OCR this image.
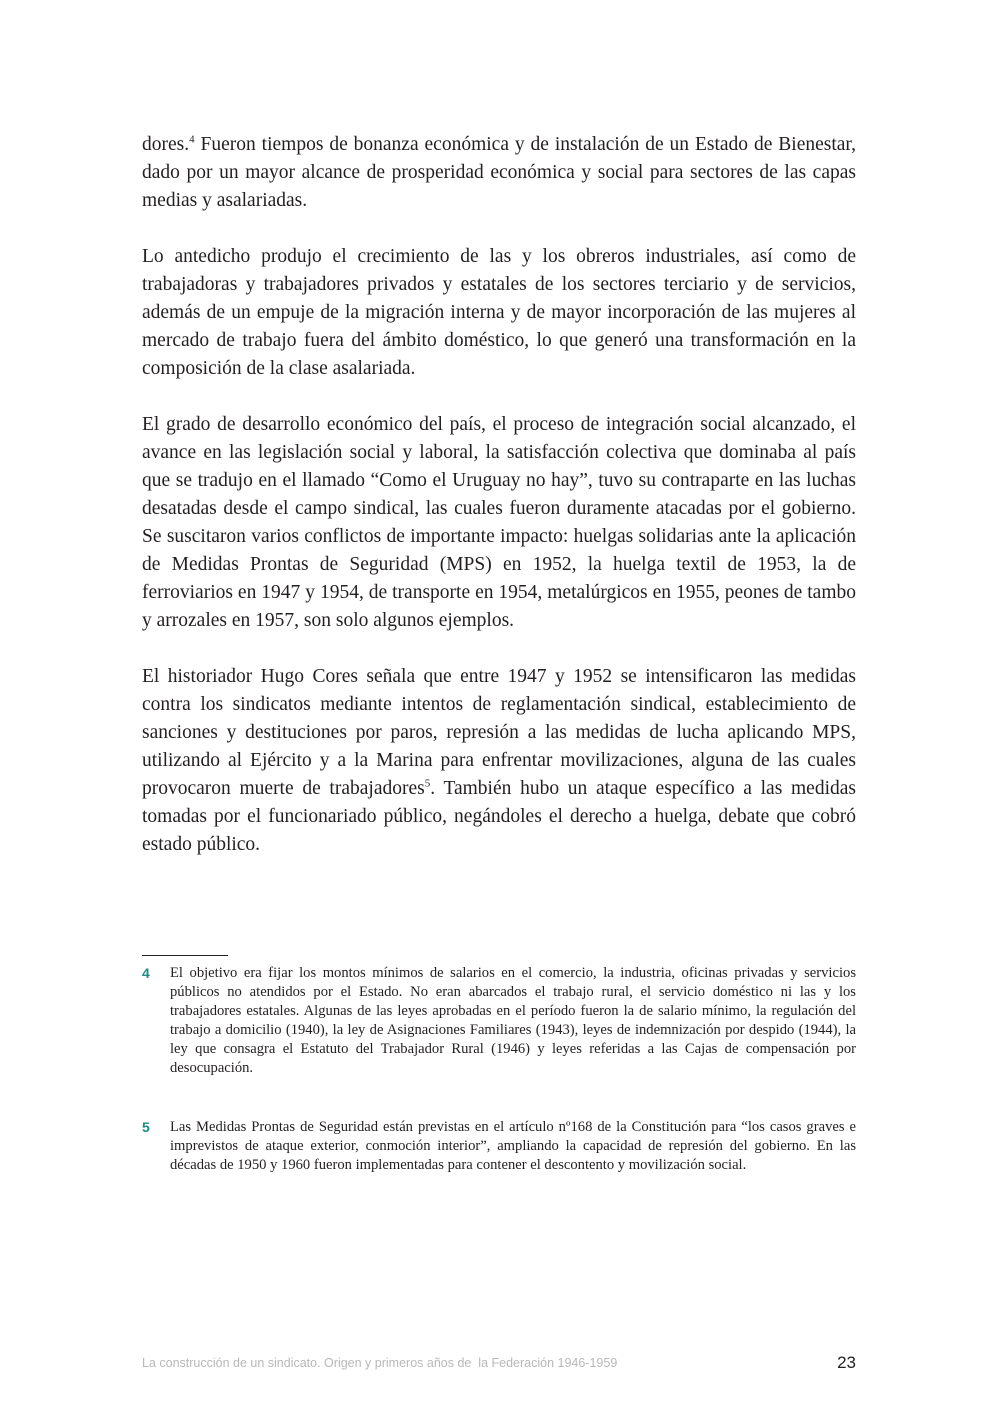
dores.$^4$ Fueron tiempos de bonanza económica y de instalación de un Estado de Bienestar, dado por un mayor alcance de prosperidad económica y social para sectores de las capas medias y asalariadas.

Lo antedicho produjo el crecimiento de las y los obreros industriales, así como de trabajadoras y trabajadores privados y estatales de los sectores terciario y de servicios, además de un empuje de la migración interna y de mayor incorporación de las mujeres al mercado de trabajo fuera del ámbito doméstico, lo que generó una transformación en la composición de la clase asalariada.

El grado de desarrollo económico del país, el proceso de integración social alcanzado, el avance en las legislación social y laboral, la satisfacción colectiva que dominaba al país que se tradujo en el llamado “Como el Uruguay no hay”, tuvo su contraparte en las luchas desatadas desde el campo sindical, las cuales fueron duramente atacadas por el gobierno. Se suscitaron varios conflictos de importante impacto: huelgas solidarias ante la aplicación de Medidas Prontas de Seguridad (MPS) en 1952, la huelga textil de 1953, la de ferroviarios en 1947 y 1954, de transporte en 1954, metalúrgicos en 1955, peones de tambo y arrozales en 1957, son solo algunos ejemplos.

El historiador Hugo Cores señala que entre 1947 y 1952 se intensificaron las medidas contra los sindicatos mediante intentos de reglamentación sindical, establecimiento de sanciones y destituciones por paros, represión a las medidas de lucha aplicando MPS, utilizando al Ejército y a la Marina para enfrentar movilizaciones, alguna de las cuales provocaron muerte de trabajadores$^5$. También hubo un ataque específico a las medidas tomadas por el funcionariado público, negándoles el derecho a huelga, debate que cobró estado público.

4	El objetivo era fijar los montos mínimos de salarios en el comercio, la industria, oficinas privadas y servicios públicos no atendidos por el Estado. No eran abarcados el trabajo rural, el servicio doméstico ni las y los trabajadores estatales. Algunas de las leyes aprobadas en el período fueron la de salario mínimo, la regulación del trabajo a domicilio (1940), la ley de Asignaciones Familiares (1943), leyes de indemnización por despido (1944), la ley que consagra el Estatuto del Trabajador Rural (1946) y leyes referidas a las Cajas de compensación por desocupación.
5	Las Medidas Prontas de Seguridad están previstas en el artículo nº168 de la Constitución para “los casos graves e imprevistos de ataque exterior, conmoción interior”, ampliando la capacidad de represión del gobierno. En las décadas de 1950 y 1960 fueron implementadas para contener el descontento y movilización social.
La construcción de un sindicato. Origen y primeros años de  la Federación 1946-1959	23
